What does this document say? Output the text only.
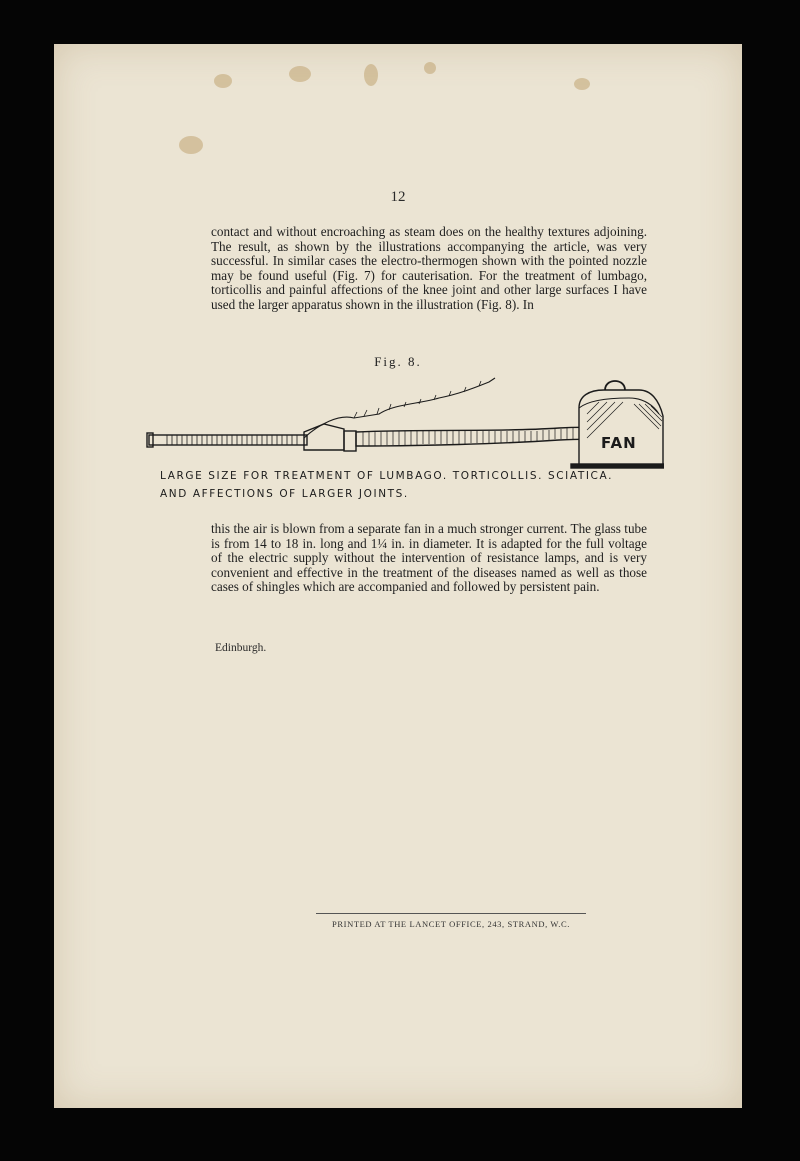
12

contact and without encroaching as steam does on the healthy textures adjoining. The result, as shown by the illustrations accompanying the article, was very successful. In similar cases the electro-thermogen shown with the pointed nozzle may be found useful (Fig. 7) for cauterisation. For the treatment of lumbago, torticollis and painful affections of the knee joint and other large surfaces I have used the larger apparatus shown in the illustration (Fig. 8). In

Fig. 8.
FAN

LARGE SIZE FOR TREATMENT OF LUMBAGO. TORTICOLLIS. SCIATICA.
AND AFFECTIONS OF LARGER JOINTS.

this the air is blown from a separate fan in a much stronger current. The glass tube is from 14 to 18 in. long and 1¼ in. in diameter. It is adapted for the full voltage of the electric supply without the intervention of resistance lamps, and is very convenient and effective in the treatment of the diseases named as well as those cases of shingles which are accompanied and followed by persistent pain.

Edinburgh.
PRINTED AT THE LANCET OFFICE, 243, STRAND, W.C.
